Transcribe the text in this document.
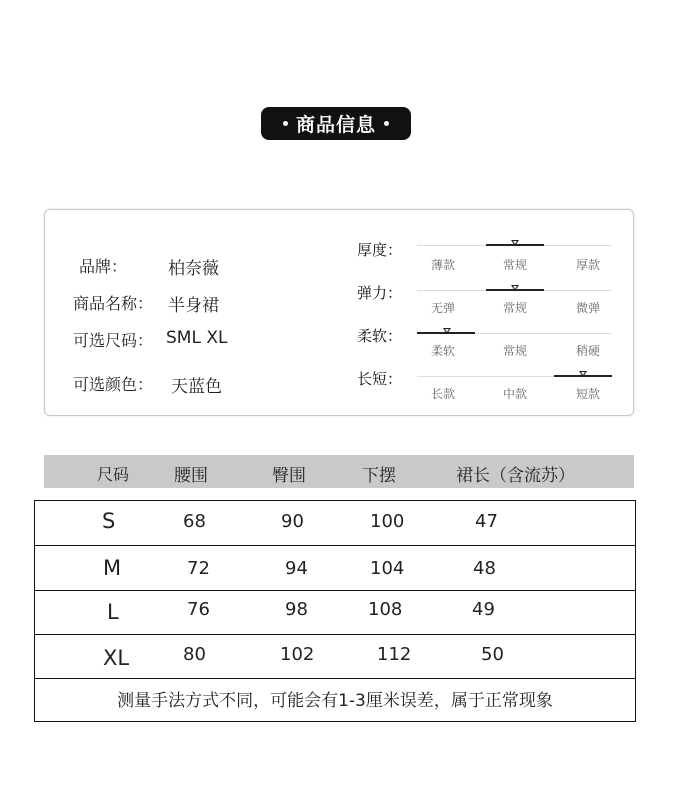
商品信息
品牌： 柏奈薇
商品名称： 半身裙
可选尺码： SML XL
可选颜色： 天蓝色
厚度：
薄款	常规	厚款
弹力：
无弹	常规	微弹
柔软：
柔软	常规	稍硬
长短：
长款	中款	短款
尺码	腰围	臀围	下摆	裙长（含流苏）
S	68	90	100	47
M	72	94	104	48
L	76	98	108	49
XL	80	102	112	50
测量手法方式不同，可能会有1-3厘米误差，属于正常现象
